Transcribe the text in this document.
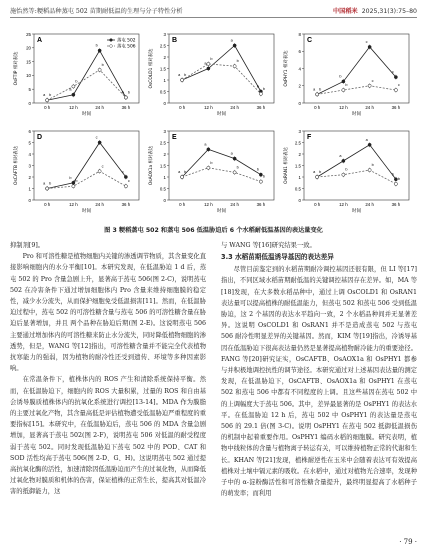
施怡然等:粳稻品种蒸屯 502 苗期耐低温的生理与分子特性分析	中国稻米 2025,31(3):75–80
A
0
5
10
15
20
25
0 h	12 h	24 h	36 h
时间
OsFTIP 相对表达
a b
a
b
b
b
b b
蒸屯 502
蒸屯 506
B
0
0.5
1
1.5
2
2.5
3
0 h	12 h	24 h	36 h
时间
OsCOLD1 相对表达	a b
a
b
a
b
b
b
C
0
2
4
6
8
0 h	12 h	24 h	36 h
时间
OsPHY1 相对表达
a b
b
b
c
c
c
c
D
0
1
2
3
4
5
6
0 h	12 h	24 h	36 h
时间
OsCAFTB 相对表达	a b
b
b
c
c
c
c
E
0
0.5
1
1.5
2
2.5
3
0 h	12 h	24 h	36 h
时间
OsAOX1a 相对表达	a b
a
b
a
b
b
b
F
0
0.5
1
1.5
2
2.5
3
0 h	12 h	24 h	36 h
时间
OsRAN1 相对表达	a b
a
b
a
b
b
b
图 3 粳稻蒸屯 502 和蒸屯 506 低温胁迫后 6 个水稻耐低温基因的表达量变化

抑制剂[9]。

Pro 和可溶性糖是植物细胞内关键的渗透调节物质，其含量变化直接影响细胞内的水分平衡[10]。本研究发现，在低温胁迫 1 d 后，蒸屯 502 的 Pro 含量急剧上升，显著高于蒸屯 506(图 2-C)，说明蒸屯 502 在冷害条件下通过增加细胞体内 Pro 含量来维持细胞膜的稳定性，减少水分流失，从而保护细胞免受低温损害[11]。然而，在低温胁迫过程中，蒸屯 502 的可溶性糖含量与蒸屯 506 的可溶性糖含量在胁迫后显著增加，并且 两个品种在胁迫后期(图 2-E)。这说明蒸屯 506 主要通过增加体内的可溶性糖来防止水分流失，同时降低植物细胞的渗透势，但是，WANG 等[12]指出，可溶性糖含量并不能完全代表植物抗寒能力的强弱，因为植物的耐冷性还受到遗传、环境等多种因素影响。

在常温条件下，植株体内的 ROS 产生和清除系统保持平衡。然而，在低温胁迫下，细胞内的 ROS 大量积累，过量的 ROS 和自由基会诱导膜质植株体内的抗氧化系统进行调控[13-14]。MDA 作为膜脂的主要过氧化产物，其含量高低是评估植物遭受低温胁迫严重程度的重要指标[15]。本研究中，在低温胁迫后，蒸屯 506 的 MDA 含量急剧增加，显著高于蒸屯 502(图 2-F)，说明蒸屯 506 对低温的耐受程度弱于蒸屯 502。同时发现低温胁迫下蒸屯 502 中的 POD、CAT 和 SOD 活性均高于蒸屯 506(图 2-D、G、H)。这说明蒸屯 502 通过提高抗氧化酶的活性，加速清除因低温胁迫而产生的过氧化物，从而降低过氧化物对膜质和机体的伤害，保证植株的正常生长，提高其对低温冷害的抵御能力，这

与 WANG 等[16]研究结果一致。

3.3 水稻苗期低温诱导基因的表达差异

尽管目前鉴定到的水稻苗期耐冷调控基因还很有限，但 LI 等[17]指出，不同区域水稻苗期耐低温的关键调控基因存在差异。如，MA 等[18]发现，在大多数水稻品种中，通过上调 OsCOLD1 和 OsRAN1 表达量可以提高植株的耐低温能力，但蒸屯 502 和蒸屯 506 受到低温胁迫，这 2 个基因的表达水平趋向一致，2 个水稻品种间并无显著差异。这说明 OsCOLD1 和 OsRAN1 并不是造成蒸屯 502 与蒸屯 506 耐冷性明显差异的关键基因。然而，KIM 等[19]指出，冷诱导基因在低温胁迫下很高表达量仍然是显著提高植物耐冷能力的重要途径。FANG 等[20]研究证实，OsCAFTB、OsAOX1a 和 OsPHY1 都参与并积极地调控抗性的调节途径。本研究通过对上述基因表达量的测定发现，在低温胁迫下，OsCAFTB、OsAOX1a 和 OsPHY1 在蒸屯 502 和蒸屯 506 中都有不同程度的上调。且这些基因在蒸屯 502 中的上调幅度大于蒸屯 506。其中，差异最显著的是 OsPHY1 的表达水平。在低温胁迫 12 h 后，蒸屯 502 中 OsPHY1 的表达量是蒸屯 506 的 29.1 倍(图 3-C)。说明 OsPHY1 在蒸屯 502 抵御低温损伤的机制中起着重要作用。OsPHY1 编码水稻的细胞膜。研究表明，植物中线粒体的含量与植物离子转运有关，可以维持植物正常的代谢和生长。KHAN 等[21]发现，植株耐逆性在玉米中会随着表达可有效提高植株对土壤中镉元素的吸收。在水稻中，通过对植物光合速率，发现种子中的 α-淀粉酶活性和可溶性糖含量提升，最终明显提高了水稻种子的萌发率；而利用

· 79 ·
